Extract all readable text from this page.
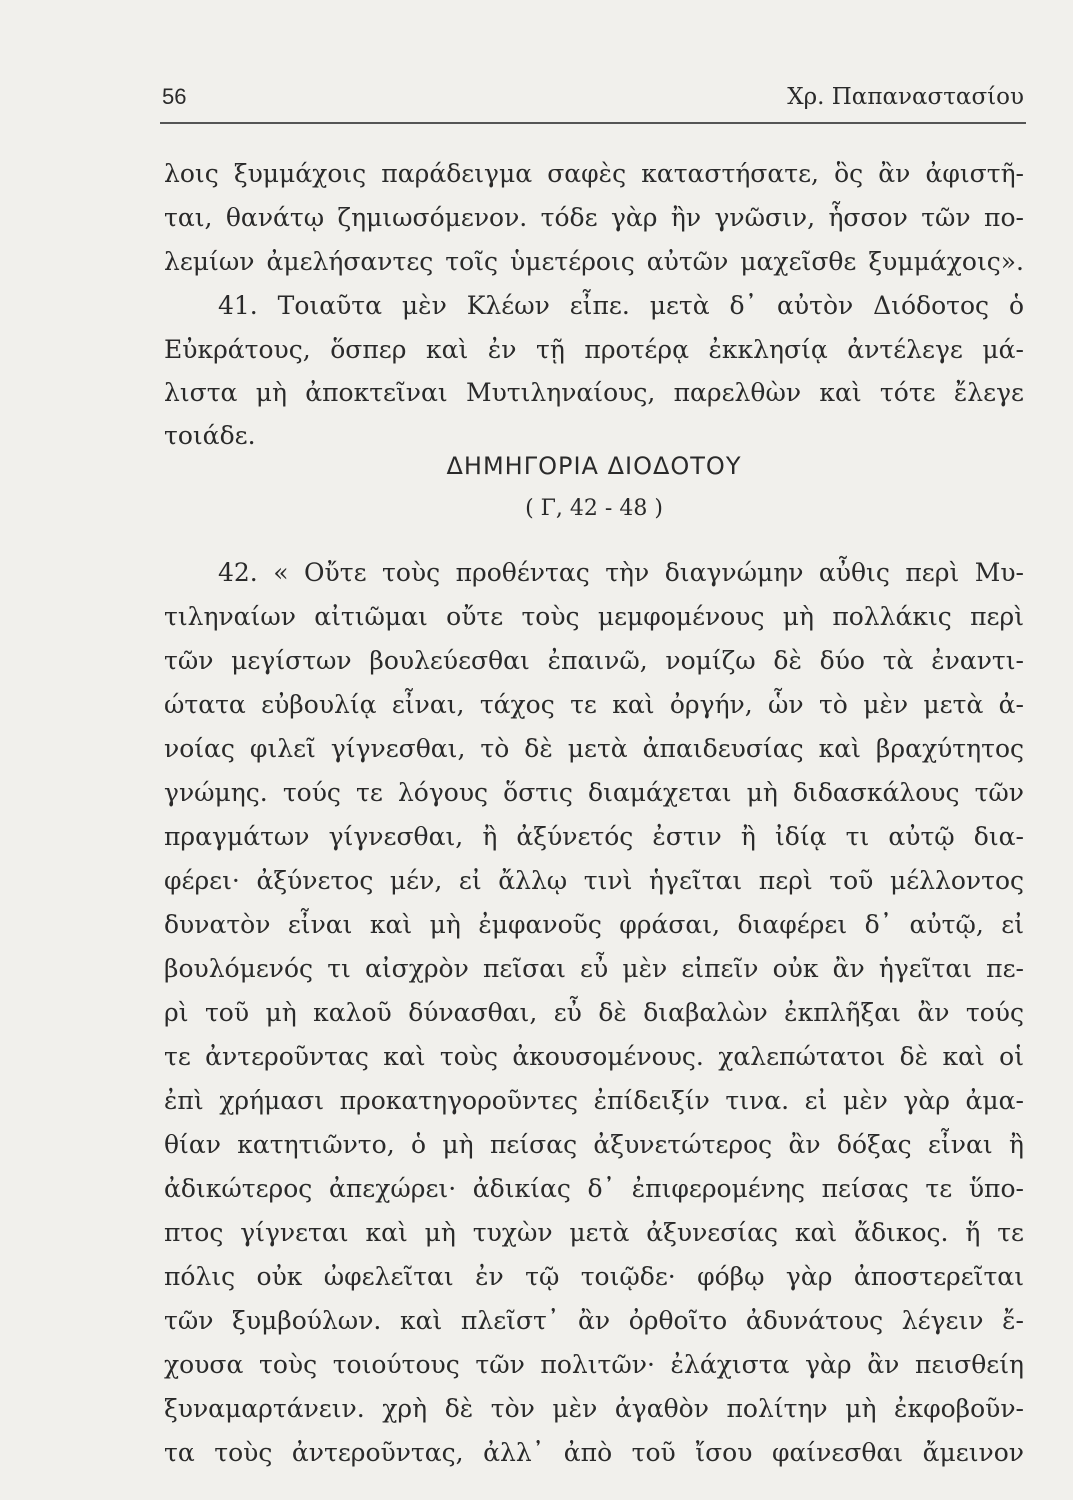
56	Χρ. Παπαναστασίου
λοις ξυμμάχοις παράδειγμα σαφὲς καταστήσατε, ὃς ἂν ἀφιστῆ-
ται, θανάτῳ ζημιωσόμενον. τόδε γὰρ ἢν γνῶσιν, ἧσσον τῶν πο-
λεμίων ἀμελήσαντες τοῖς ὑμετέροις αὐτῶν μαχεῖσθε ξυμμάχοις».
41. Τοιαῦτα μὲν Κλέων εἶπε. μετὰ δ᾽ αὐτὸν Διόδοτος ὁ
Εὐκράτους, ὅσπερ καὶ ἐν τῇ προτέρᾳ ἐκκλησίᾳ ἀντέλεγε μά-
λιστα μὴ ἀποκτεῖναι Μυτιληναίους, παρελθὼν καὶ τότε ἔλεγε
τοιάδε.
ΔΗΜΗΓΟΡΙΑ ΔΙΟΔΟΤΟΥ
( Γ, 42 - 48 )
42. « Οὔτε τοὺς προθέντας τὴν διαγνώμην αὖθις περὶ Μυ-
τιληναίων αἰτιῶμαι οὔτε τοὺς μεμφομένους μὴ πολλάκις περὶ
τῶν μεγίστων βουλεύεσθαι ἐπαινῶ, νομίζω δὲ δύο τὰ ἐναντι-
ώτατα εὐβουλίᾳ εἶναι, τάχος τε καὶ ὀργήν, ὧν τὸ μὲν μετὰ ἀ-
νοίας φιλεῖ γίγνεσθαι, τὸ δὲ μετὰ ἀπαιδευσίας καὶ βραχύτητος
γνώμης. τούς τε λόγους ὅστις διαμάχεται μὴ διδασκάλους τῶν
πραγμάτων γίγνεσθαι, ἢ ἀξύνετός ἐστιν ἢ ἰδίᾳ τι αὐτῷ δια-
φέρει· ἀξύνετος μέν, εἰ ἄλλῳ τινὶ ἡγεῖται περὶ τοῦ μέλλοντος
δυνατὸν εἶναι καὶ μὴ ἐμφανοῦς φράσαι, διαφέρει δ᾽ αὐτῷ, εἰ
βουλόμενός τι αἰσχρὸν πεῖσαι εὖ μὲν εἰπεῖν οὐκ ἂν ἡγεῖται πε-
ρὶ τοῦ μὴ καλοῦ δύνασθαι, εὖ δὲ διαβαλὼν ἐκπλῆξαι ἂν τούς
τε ἀντεροῦντας καὶ τοὺς ἀκουσομένους. χαλεπώτατοι δὲ καὶ οἱ
ἐπὶ χρήμασι προκατηγοροῦντες ἐπίδειξίν τινα. εἰ μὲν γὰρ ἀμα-
θίαν κατητιῶντο, ὁ μὴ πείσας ἀξυνετώτερος ἂν δόξας εἶναι ἢ
ἀδικώτερος ἀπεχώρει· ἀδικίας δ᾽ ἐπιφερομένης πείσας τε ὕπο-
πτος γίγνεται καὶ μὴ τυχὼν μετὰ ἀξυνεσίας καὶ ἄδικος. ἥ τε
πόλις οὐκ ὠφελεῖται ἐν τῷ τοιῷδε· φόβῳ γὰρ ἀποστερεῖται
τῶν ξυμβούλων. καὶ πλεῖστ᾽ ἂν ὀρθοῖτο ἀδυνάτους λέγειν ἔ-
χουσα τοὺς τοιούτους τῶν πολιτῶν· ἐλάχιστα γὰρ ἂν πεισθείη
ξυναμαρτάνειν. χρὴ δὲ τὸν μὲν ἀγαθὸν πολίτην μὴ ἐκφοβοῦν-
τα τοὺς ἀντεροῦντας, ἀλλ᾽ ἀπὸ τοῦ ἴσου φαίνεσθαι ἄμεινον
